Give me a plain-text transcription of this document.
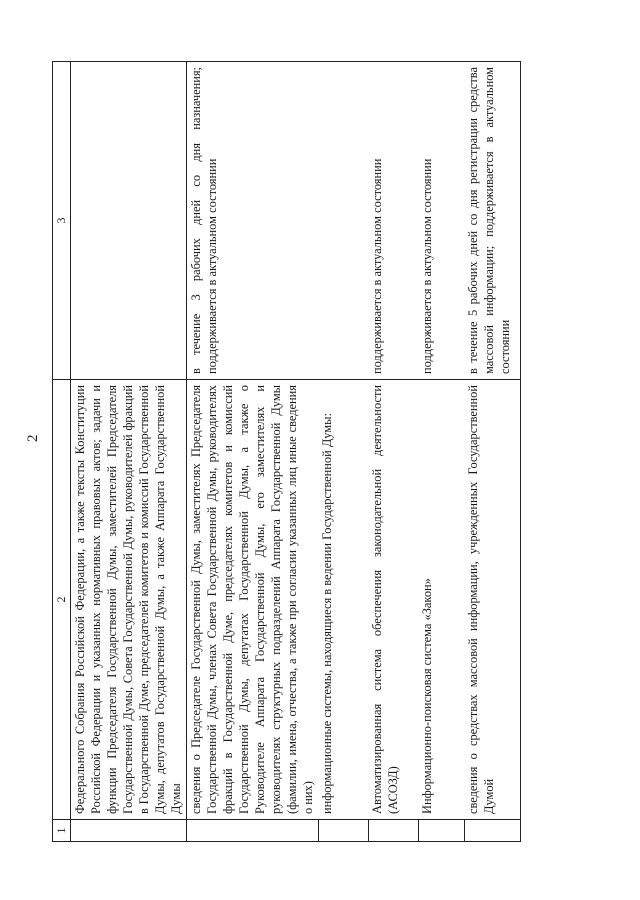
2
1	2	3
	Федерального Собрания Российской Федерации, а также тексты Конституции Российской Федерации и указанных нормативных правовых актов; задачи и функции Председателя Государственной Думы, заместителей Председателя Государственной Думы, Совета Государственной Думы, руководителей фракций в Государственной Думе, председателей комитетов и комиссий Государственной Думы, депутатов Государственной Думы, а также Аппарата Государственной Думы	
	сведения о Председателе Государственной Думы, заместителях Председателя Государственной Думы, членах Совета Государственной Думы, руководителях фракций в Государственной Думе, председателях комитетов и комиссий Государственной Думы, депутатах Государственной Думы, а также о Руководителе Аппарата Государственной Думы, его заместителях и руководителях структурных подразделений Аппарата Государственной Думы (фамилии, имена, отчества, а также при согласии указанных лиц иные сведения о них)	в течение 3 рабочих дней со дня назначения; поддерживается в актуальном состоянии
	информационные системы, находящиеся в ведении Государственной Думы:	
	Автоматизированная система обеспечения законодательной деятельности (АСОЗД)	поддерживается в актуальном состоянии
	Информационно-поисковая система «Закон»	поддерживается в актуальном состоянии
	сведения о средствах массовой информации, учрежденных Государственной Думой	в течение 5 рабочих дней со дня регистрации средства массовой информации; поддерживается в актуальном состоянии
